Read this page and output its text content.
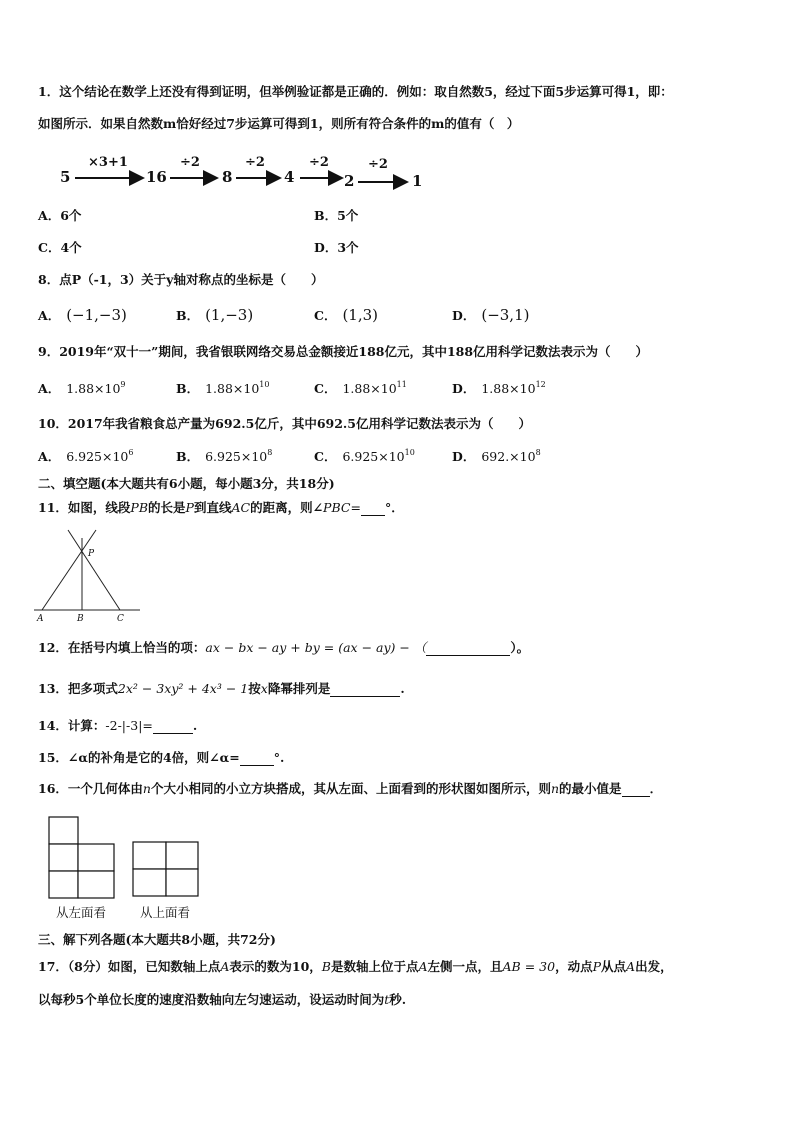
1．这个结论在数学上还没有得到证明，但举例验证都是正确的．例如：取自然数5，经过下面5步运算可得1，即：
如图所示．如果自然数m恰好经过7步运算可得到1，则所有符合条件的m的值有（　）
5
×3+1
16
÷2
8
÷2
4
÷2
2
÷2
1
A．6个	B．5个
C．4个	D．3个
8．点P（-1，3）关于y轴对称点的坐标是（　　）
A． (−1,−3)	B． (1,−3)	C． (1,3)	D． (−3,1)
9．2019年“双十一”期间，我省银联网络交易总金额接近188亿元，其中188亿用科学记数法表示为（　　）
A． $1.88\times 10^9$	B． $1.88\times 10^{10}$	C． $1.88\times 10^{11}$	D． $1.88\times 10^{12}$
10．2017年我省粮食总产量为692.5亿斤，其中692.5亿用科学记数法表示为（　　）
A． $6.925\times 10^6$	B． $6.925\times 10^8$	C． $6.925\times 10^{10}$	D． $692.\times 10^8$
二、填空题(本大题共有6小题，每小题3分，共18分)
11．如图，线段PB的长是P到直线AC的距离，则∠PBC= °．
P
A	B	C
12．在括号内填上恰当的项：ax − bx − ay + by = (ax − ay) − （	）。
13．把多项式2x² − 3xy² + 4x³ − 1按x降幂排列是	.
14．计算：-2-|-3|=	.
15．∠α的补角是它的4倍，则∠α=	°.
16．一个几何体由n个大小相同的小立方块搭成，其从左面、上面看到的形状图如图所示，则n的最小值是 ．
从左面看	从上面看
三、解下列各题(本大题共8小题，共72分)
17．（8分）如图，已知数轴上点A表示的数为10，B是数轴上位于点A左侧一点，且AB = 30，动点P从点A出发，
以每秒5个单位长度的速度沿数轴向左匀速运动，设运动时间为t秒.
